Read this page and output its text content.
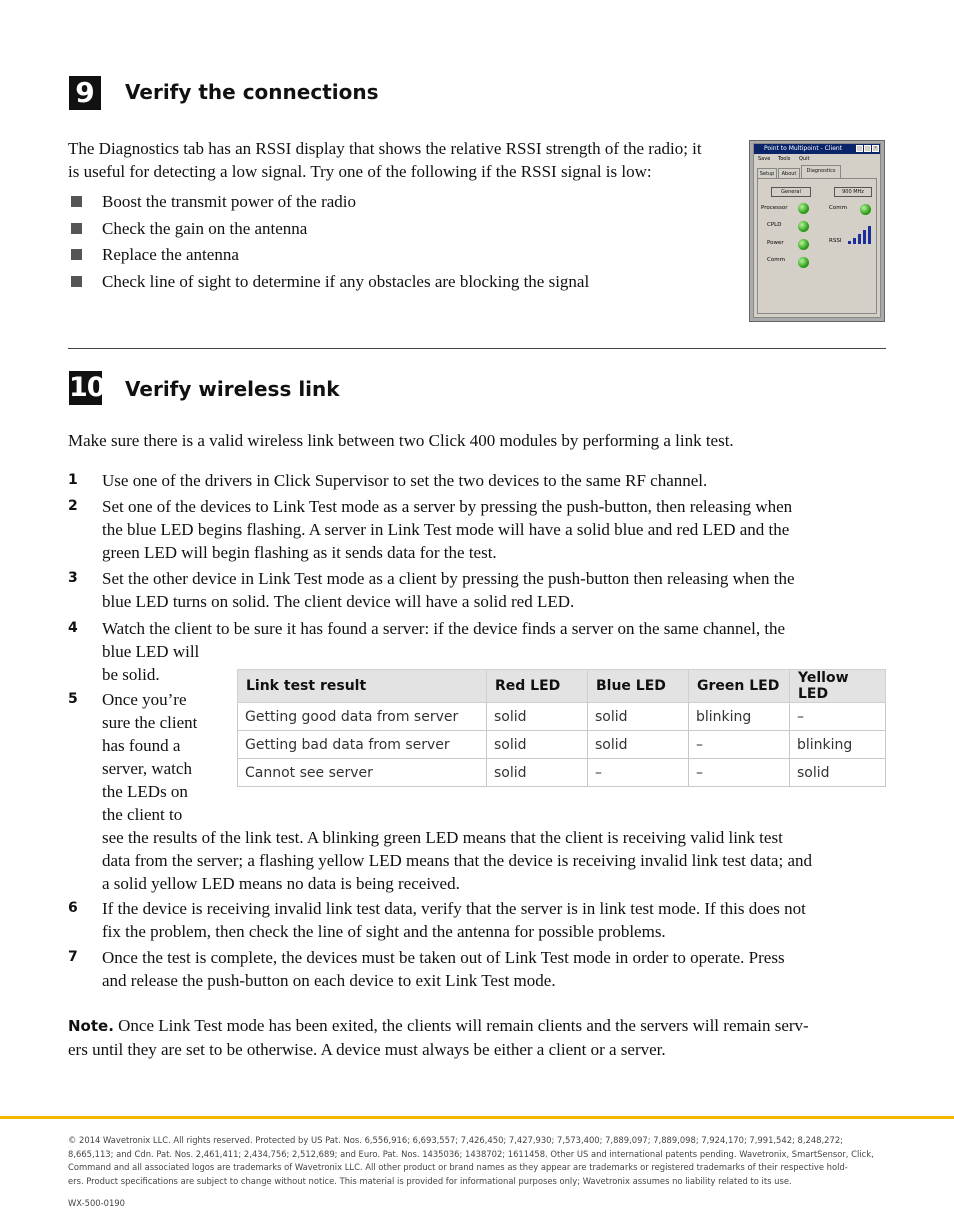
9	Verify the connections
The Diagnostics tab has an RSSI display that shows the relative RSSI strength of the radio; it
is useful for detecting a low signal. Try one of the following if the RSSI signal is low:
Boost the transmit power of the radio
Check the gain on the antenna
Replace the antenna
Check line of sight to determine if any obstacles are blocking the signal
Point to Multipoint - Client	×
Save Tools Quit
Setup	About	Diagnostics
General	900 MHz
Processor
CPLD
Power
Comm
Comm
RSSI
10 Verify wireless link
Make sure there is a valid wireless link between two Click 400 modules by performing a link test.
1 Use one of the drivers in Click Supervisor to set the two devices to the same RF channel.
2 Set one of the devices to Link Test mode as a server by pressing the push-button, then releasing when
the blue LED begins flashing. A server in Link Test mode will have a solid blue and red LED and the
green LED will begin flashing as it sends data for the test.
3 Set the other device in Link Test mode as a client by pressing the push-button then releasing when the
blue LED turns on solid. The client device will have a solid red LED.
4 Watch the client to be sure it has found a server: if the device finds a server on the same channel, the
blue LED will
be solid.
5 Once you’re
sure the client
has found a
server, watch
the LEDs on
the client to
see the results of the link test. A blinking green LED means that the client is receiving valid link test
data from the server; a flashing yellow LED means that the device is receiving invalid link test data; and
a solid yellow LED means no data is being received.
Link test result	Red LED	Blue LED	Green LED	Yellow LED
Getting good data from server	solid	solid	blinking	–
Getting bad data from server	solid	solid	–	blinking
Cannot see server	solid	–	–	solid
6 If the device is receiving invalid link test data, verify that the server is in link test mode. If this does not
fix the problem, then check the line of sight and the antenna for possible problems.
7 Once the test is complete, the devices must be taken out of Link Test mode in order to operate. Press
and release the push-button on each device to exit Link Test mode.
Note. Once Link Test mode has been exited, the clients will remain clients and the servers will remain serv-
ers until they are set to be otherwise. A device must always be either a client or a server.
© 2014 Wavetronix LLC. All rights reserved. Protected by US Pat. Nos. 6,556,916; 6,693,557; 7,426,450; 7,427,930; 7,573,400; 7,889,097; 7,889,098; 7,924,170; 7,991,542; 8,248,272;
8,665,113; and Cdn. Pat. Nos. 2,461,411; 2,434,756; 2,512,689; and Euro. Pat. Nos. 1435036; 1438702; 1611458. Other US and international patents pending. Wavetronix, SmartSensor, Click,
Command and all associated logos are trademarks of Wavetronix LLC. All other product or brand names as they appear are trademarks or registered trademarks of their respective hold-
ers. Product specifications are subject to change without notice. This material is provided for informational purposes only; Wavetronix assumes no liability related to its use.
WX-500-0190
